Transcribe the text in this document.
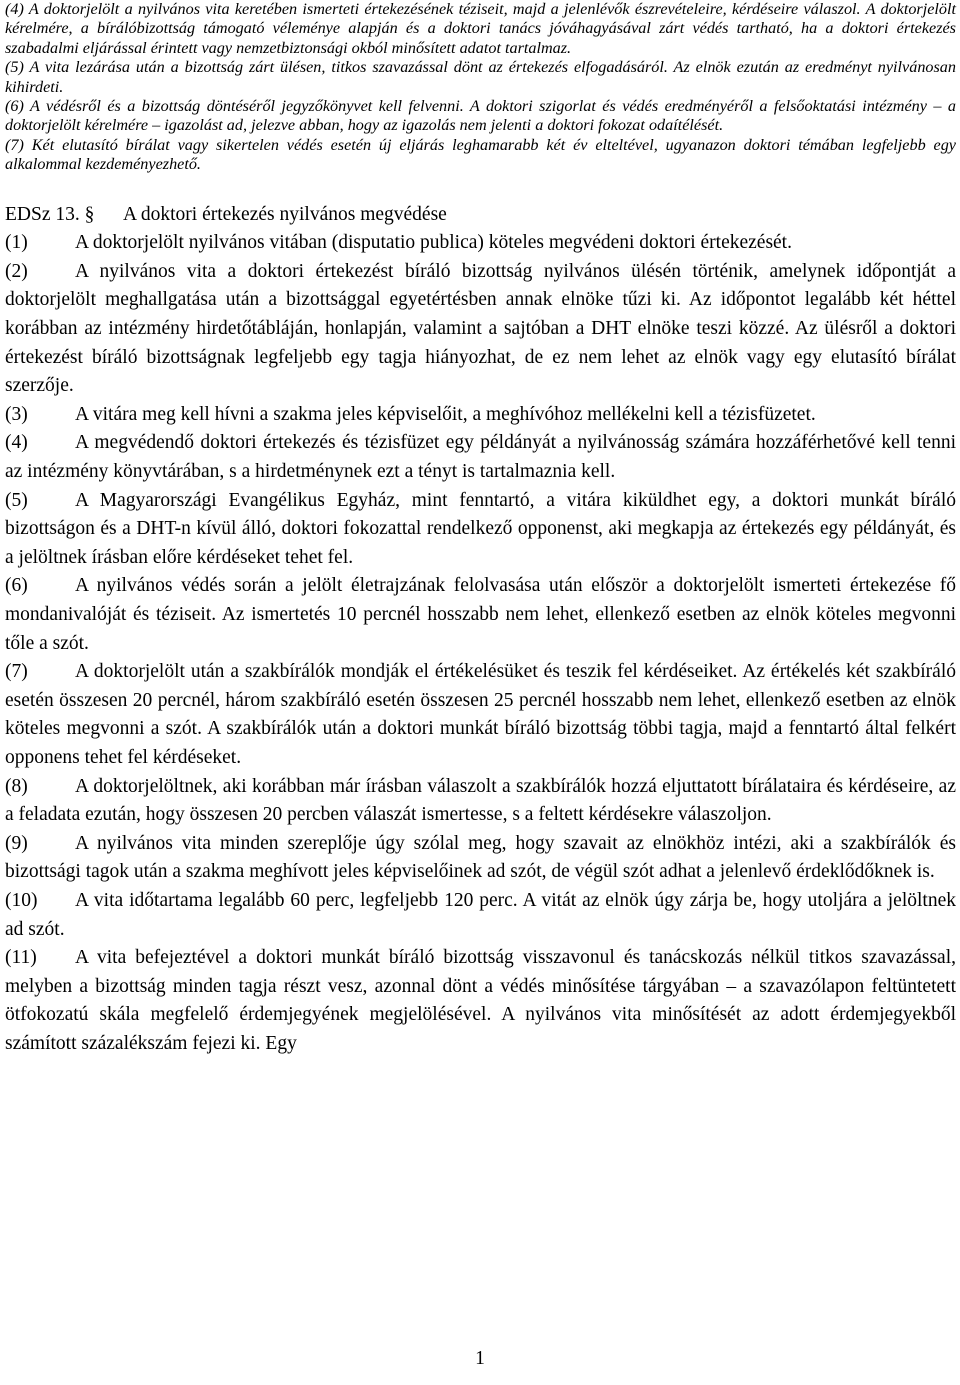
(4) A doktorjelölt a nyilvános vita keretében ismerteti értekezésének téziseit, majd a jelenlévők észrevételeire, kérdéseire válaszol. A doktorjelölt kérelmére, a bírálóbizottság támogató véleménye alapján és a doktori tanács jóváhagyásával zárt védés tartható, ha a doktori értekezés szabadalmi eljárással érintett vagy nemzetbiztonsági okból minősített adatot tartalmaz.

(5) A vita lezárása után a bizottság zárt ülésen, titkos szavazással dönt az értekezés elfogadásáról. Az elnök ezután az eredményt nyilvánosan kihirdeti.

(6) A védésről és a bizottság döntéséről jegyzőkönyvet kell felvenni. A doktori szigorlat és védés eredményéről a felsőoktatási intézmény – a doktorjelölt kérelmére – igazolást ad, jelezve abban, hogy az igazolás nem jelenti a doktori fokozat odaítélését.

(7) Két elutasító bírálat vagy sikertelen védés esetén új eljárás leghamarabb két év elteltével, ugyanazon doktori témában legfeljebb egy alkalommal kezdeményezhető.

EDSz 13. § A doktori értekezés nyilvános megvédése

(1) A doktorjelölt nyilvános vitában (disputatio publica) köteles megvédeni doktori értekezését.

(2) A nyilvános vita a doktori értekezést bíráló bizottság nyilvános ülésén történik, amelynek időpontját a doktorjelölt meghallgatása után a bizottsággal egyetértésben annak elnöke tűzi ki. Az időpontot legalább két héttel korábban az intézmény hirdetőtábláján, honlapján, valamint a sajtóban a DHT elnöke teszi közzé. Az ülésről a doktori értekezést bíráló bizottságnak legfeljebb egy tagja hiányozhat, de ez nem lehet az elnök vagy egy elutasító bírálat szerzője.

(3) A vitára meg kell hívni a szakma jeles képviselőit, a meghívóhoz mellékelni kell a tézisfüzetet.

(4) A megvédendő doktori értekezés és tézisfüzet egy példányát a nyilvánosság számára hozzáférhetővé kell tenni az intézmény könyvtárában, s a hirdetménynek ezt a tényt is tartalmaznia kell.

(5) A Magyarországi Evangélikus Egyház, mint fenntartó, a vitára kiküldhet egy, a doktori munkát bíráló bizottságon és a DHT-n kívül álló, doktori fokozattal rendelkező opponenst, aki megkapja az értekezés egy példányát, és a jelöltnek írásban előre kérdéseket tehet fel.

(6) A nyilvános védés során a jelölt életrajzának felolvasása után először a doktorjelölt ismerteti értekezése fő mondanivalóját és téziseit. Az ismertetés 10 percnél hosszabb nem lehet, ellenkező esetben az elnök köteles megvonni tőle a szót.

(7) A doktorjelölt után a szakbírálók mondják el értékelésüket és teszik fel kérdéseiket. Az értékelés két szakbíráló esetén összesen 20 percnél, három szakbíráló esetén összesen 25 percnél hosszabb nem lehet, ellenkező esetben az elnök köteles megvonni a szót. A szakbírálók után a doktori munkát bíráló bizottság többi tagja, majd a fenntartó által felkért opponens tehet fel kérdéseket.

(8) A doktorjelöltnek, aki korábban már írásban válaszolt a szakbírálók hozzá eljuttatott bírálataira és kérdéseire, az a feladata ezután, hogy összesen 20 percben válaszát ismertesse, s a feltett kérdésekre válaszoljon.

(9) A nyilvános vita minden szereplője úgy szólal meg, hogy szavait az elnökhöz intézi, aki a szakbírálók és bizottsági tagok után a szakma meghívott jeles képviselőinek ad szót, de végül szót adhat a jelenlevő érdeklődőknek is.

(10) A vita időtartama legalább 60 perc, legfeljebb 120 perc. A vitát az elnök úgy zárja be, hogy utoljára a jelöltnek ad szót.

(11) A vita befejeztével a doktori munkát bíráló bizottság visszavonul és tanácskozás nélkül titkos szavazással, melyben a bizottság minden tagja részt vesz, azonnal dönt a védés minősítése tárgyában – a szavazólapon feltüntetett ötfokozatú skála megfelelő érdemjegyének megjelölésével. A nyilvános vita minősítését az adott érdemjegyekből számított százalékszám fejezi ki. Egy

1
